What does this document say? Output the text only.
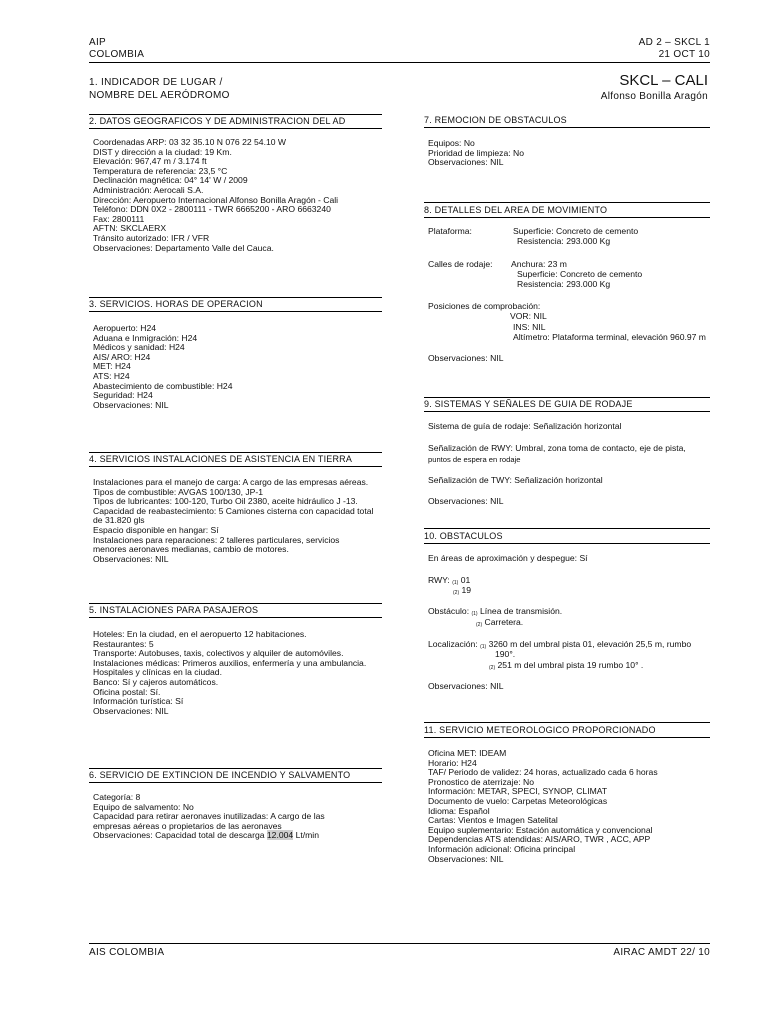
AIP
COLOMBIA
AD 2 – SKCL 1
21 OCT 10
1. INDICADOR DE LUGAR /
NOMBRE DEL AERÓDROMO
SKCL – CALI
Alfonso Bonilla Aragón
2. DATOS GEOGRAFICOS Y DE ADMINISTRACION DEL AD
Coordenadas ARP: 03 32 35.10 N 076 22 54.10 W
DIST y dirección a la ciudad: 19 Km.
Elevación: 967,47 m / 3.174 ft
Temperatura de referencia: 23,5 °C
Declinación magnética: 04° 14' W / 2009
Administración: Aerocali S.A.
Dirección: Aeropuerto Internacional Alfonso Bonilla Aragón - Cali
Teléfono: DDN 0X2 - 2800111 - TWR 6665200 - ARO 6663240
Fax: 2800111
AFTN: SKCLAERX
Tránsito autorizado: IFR / VFR
Observaciones: Departamento Valle del Cauca.
3. SERVICIOS. HORAS DE OPERACION
Aeropuerto: H24
Aduana e Inmigración: H24
Médicos y sanidad: H24
AIS/ ARO: H24
MET: H24
ATS: H24
Abastecimiento de combustible: H24
Seguridad: H24
Observaciones: NIL
4. SERVICIOS INSTALACIONES DE ASISTENCIA EN TIERRA
Instalaciones para el manejo de carga: A cargo de las empresas aéreas.
Tipos de combustible: AVGAS 100/130, JP-1
Tipos de lubricantes: 100-120, Turbo Oil 2380, aceite hidráulico J -13.
Capacidad de reabastecimiento: 5 Camiones cisterna con capacidad total
de 31.820 gls
Espacio disponible en hangar: Sí
Instalaciones para reparaciones: 2 talleres particulares, servicios
menores aeronaves medianas, cambio de motores.
Observaciones: NIL
5. INSTALACIONES PARA PASAJEROS
Hoteles: En la ciudad, en el aeropuerto 12 habitaciones.
Restaurantes: 5
Transporte: Autobuses, taxis, colectivos y alquiler de automóviles.
Instalaciones médicas: Primeros auxilios, enfermería y una ambulancia.
Hospitales y clínicas en la ciudad.
Banco: Sí y cajeros automáticos.
Oficina postal: Sí.
Información turística: Sí
Observaciones: NIL
6. SERVICIO DE EXTINCION DE INCENDIO Y SALVAMENTO
Categoría: 8
Equipo de salvamento: No
Capacidad para retirar aeronaves inutilizadas: A cargo de las
empresas aéreas o propietarios de las aeronaves
Observaciones: Capacidad total de descarga 12.004 Lt/min
7. REMOCION DE OBSTACULOS
Equipos: No
Prioridad de limpieza: No
Observaciones: NIL
8. DETALLES DEL AREA DE MOVIMIENTO
Plataforma:	Superficie: Concreto de cemento
Resistencia: 293.000 Kg
Calles de rodaje: Anchura: 23 m
Superficie: Concreto de cemento
Resistencia: 293.000 Kg
Posiciones de comprobación:
VOR: NIL
INS: NIL
Altímetro: Plataforma terminal, elevación 960.97 m
Observaciones: NIL
9. SISTEMAS Y SEÑALES DE GUIA DE RODAJE
Sistema de guía de rodaje: Señalización horizontal
Señalización de RWY: Umbral, zona toma de contacto, eje de pista,
puntos de espera en rodaje
Señalización de TWY: Señalización horizontal
Observaciones: NIL
10. OBSTACULOS
En áreas de aproximación y despegue: Sí
RWY: $_{(1)}$ 01
$_{(2)}$ 19
Obstáculo: $_{(1)}$ Línea de transmisión.
$_{(2)}$ Carretera.
Localización: $_{(1)}$ 3260 m del umbral pista 01, elevación 25,5 m, rumbo
190°.
$_{(2)}$ 251 m del umbral pista 19 rumbo 10° .
Observaciones: NIL
11. SERVICIO METEOROLOGICO PROPORCIONADO
Oficina MET: IDEAM
Horario: H24
TAF/ Periodo de validez: 24 horas, actualizado cada 6 horas
Pronostico de aterrizaje: No
Información: METAR, SPECI, SYNOP, CLIMAT
Documento de vuelo: Carpetas Meteorológicas
Idioma: Español
Cartas: Vientos e Imagen Satelital
Equipo suplementario: Estación automática y convencional
Dependencias ATS atendidas: AIS/ARO, TWR , ACC, APP
Información adicional: Oficina principal
Observaciones: NIL
AIS COLOMBIA	AIRAC AMDT 22/ 10
